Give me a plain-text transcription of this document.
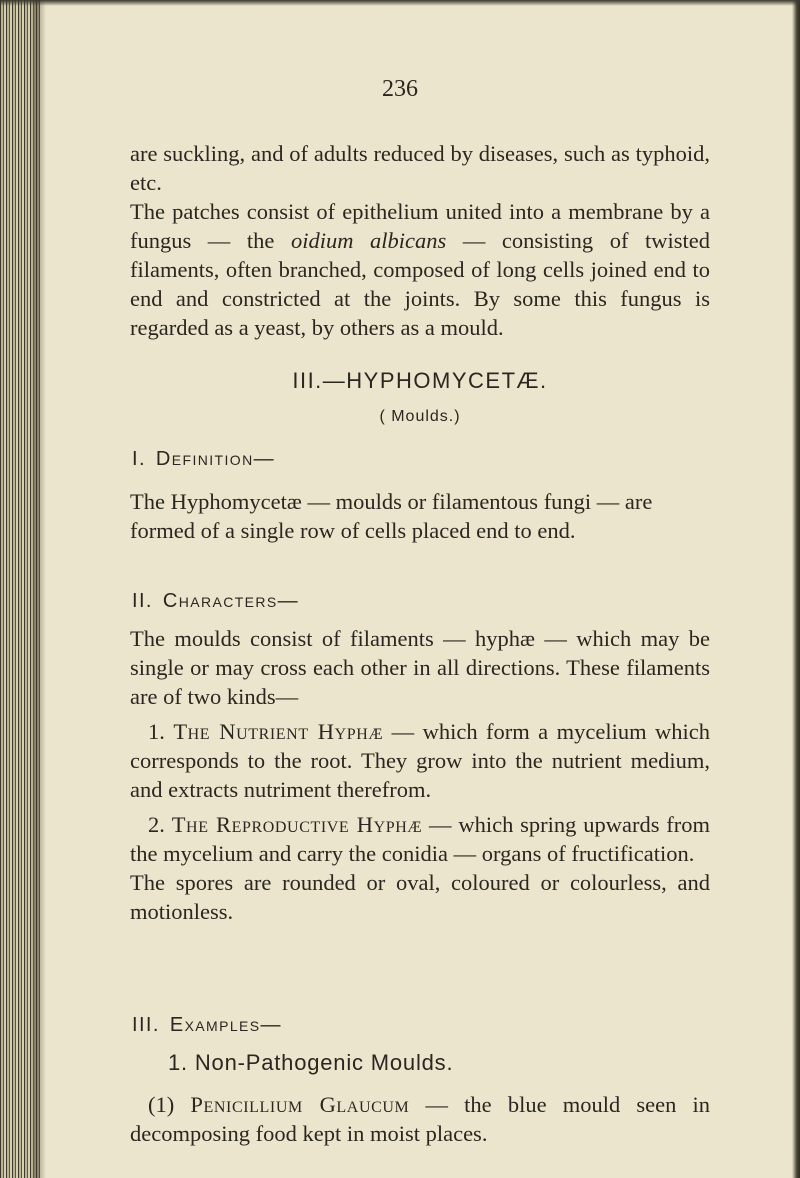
236

are suckling, and of adults reduced by diseases, such as typhoid, etc.

The patches consist of epithelium united into a membrane by a fungus — the oidium albicans — consisting of twisted filaments, often branched, composed of long cells joined end to end and constricted at the joints. By some this fungus is regarded as a yeast, by others as a mould.

III.—HYPHOMYCETÆ.
( Moulds.)
I. Definition—
The Hyphomycetæ — moulds or filamentous fungi — are formed of a single row of cells placed end to end.
II. Characters—

The moulds consist of filaments — hyphæ — which may be single or may cross each other in all directions. These filaments are of two kinds—

1. The Nutrient Hyphæ — which form a mycelium which corresponds to the root. They grow into the nutrient medium, and extracts nutriment therefrom.

2. The Reproductive Hyphæ — which spring upwards from the mycelium and carry the conidia — organs of fructification.

The spores are rounded or oval, coloured or colourless, and motionless.

III. Examples—
1. Non-Pathogenic Moulds.

(1) Penicillium Glaucum — the blue mould seen in decomposing food kept in moist places.
